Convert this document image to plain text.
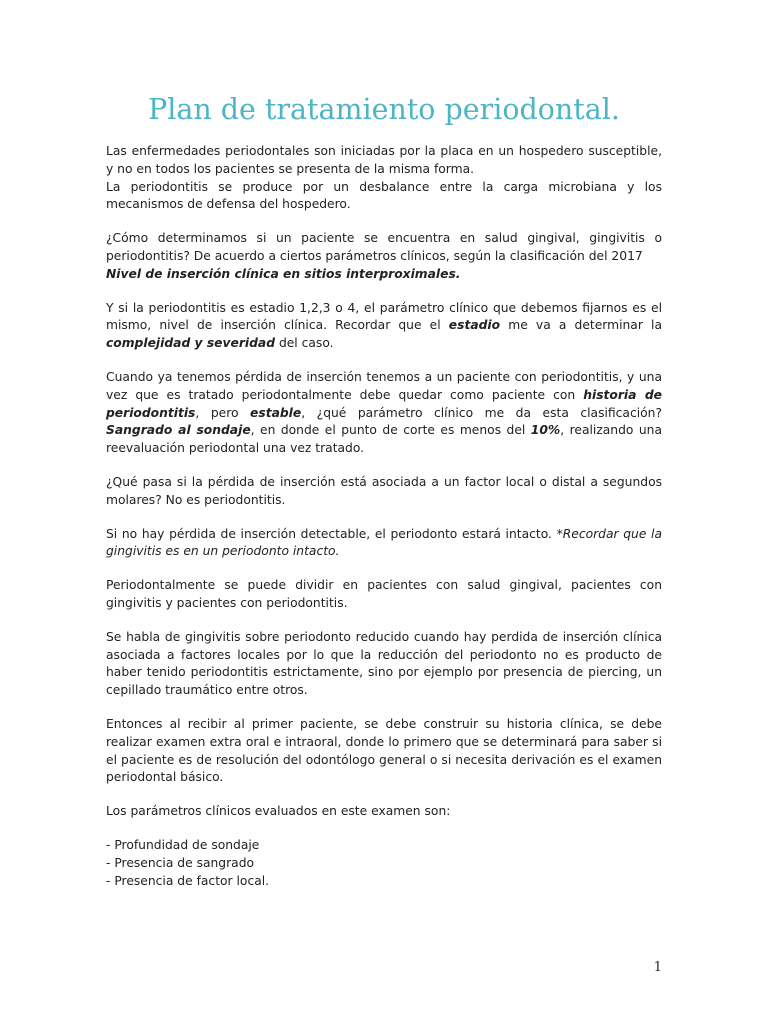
Plan de tratamiento periodontal.

Las enfermedades periodontales son iniciadas por la placa en un hospedero susceptible, y no en todos los pacientes se presenta de la misma forma.

La periodontitis se produce por un desbalance entre la carga microbiana y los mecanismos de defensa del hospedero.

¿Cómo determinamos si un paciente se encuentra en salud gingival, gingivitis o periodontitis? De acuerdo a ciertos parámetros clínicos, según la clasificación del 2017
Nivel de inserción clínica en sitios interproximales.

Y si la periodontitis es estadio 1,2,3 o 4, el parámetro clínico que debemos fijarnos es el mismo, nivel de inserción clínica. Recordar que el estadio me va a determinar la complejidad y severidad del caso.

Cuando ya tenemos pérdida de inserción tenemos a un paciente con periodontitis, y una vez que es tratado periodontalmente debe quedar como paciente con historia de periodontitis, pero estable, ¿qué parámetro clínico me da esta clasificación? Sangrado al sondaje, en donde el punto de corte es menos del 10%, realizando una reevaluación periodontal una vez tratado.

¿Qué pasa si la pérdida de inserción está asociada a un factor local o distal a segundos molares? No es periodontitis.

Si no hay pérdida de inserción detectable, el periodonto estará intacto. *Recordar que la gingivitis es en un periodonto intacto.

Periodontalmente se puede dividir en pacientes con salud gingival, pacientes con gingivitis y pacientes con periodontitis.

Se habla de gingivitis sobre periodonto reducido cuando hay perdida de inserción clínica asociada a factores locales por lo que la reducción del periodonto no es producto de haber tenido periodontitis estrictamente, sino por ejemplo por presencia de piercing, un cepillado traumático entre otros.

Entonces al recibir al primer paciente, se debe construir su historia clínica, se debe realizar examen extra oral e intraoral, donde lo primero que se determinará para saber si el paciente es de resolución del odontólogo general o si necesita derivación es el examen periodontal básico.

Los parámetros clínicos evaluados en este examen son:

- Profundidad de sondaje
- Presencia de sangrado
- Presencia de factor local.
1
